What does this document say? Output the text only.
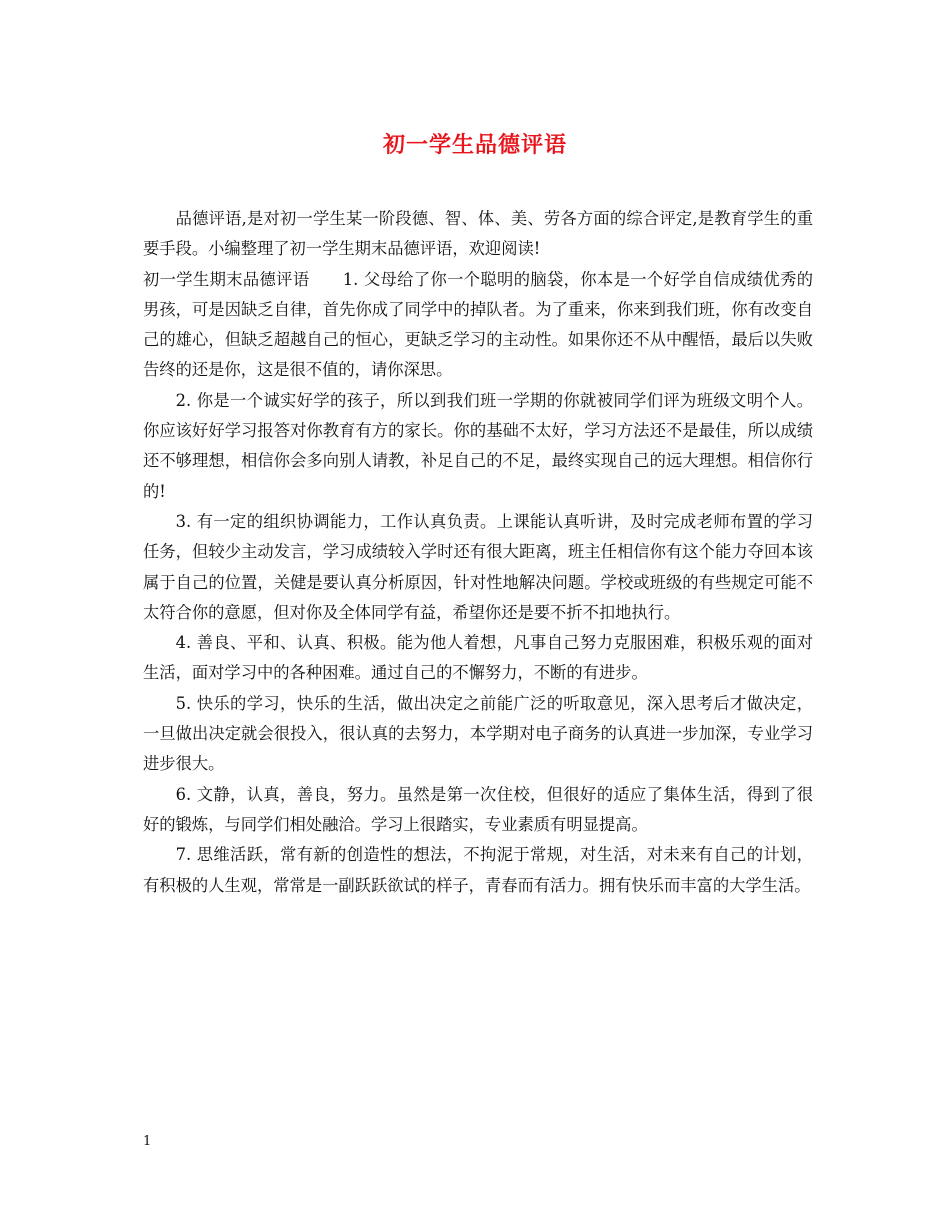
初一学生品德评语

品德评语,是对初一学生某一阶段德、智、体、美、劳各方面的综合评定,是教育学生的重要手段。小编整理了初一学生期末品德评语，欢迎阅读!

初一学生期末品德评语　　1. 父母给了你一个聪明的脑袋，你本是一个好学自信成绩优秀的男孩，可是因缺乏自律，首先你成了同学中的掉队者。为了重来，你来到我们班，你有改变自己的雄心，但缺乏超越自己的恒心，更缺乏学习的主动性。如果你还不从中醒悟，最后以失败告终的还是你，这是很不值的，请你深思。

2. 你是一个诚实好学的孩子，所以到我们班一学期的你就被同学们评为班级文明个人。你应该好好学习报答对你教育有方的家长。你的基础不太好，学习方法还不是最佳，所以成绩还不够理想，相信你会多向别人请教，补足自己的不足，最终实现自己的远大理想。相信你行的!

3. 有一定的组织协调能力，工作认真负责。上课能认真听讲，及时完成老师布置的学习任务，但较少主动发言，学习成绩较入学时还有很大距离，班主任相信你有这个能力夺回本该属于自己的位置，关健是要认真分析原因，针对性地解决问题。学校或班级的有些规定可能不太符合你的意愿，但对你及全体同学有益，希望你还是要不折不扣地执行。

4. 善良、平和、认真、积极。能为他人着想，凡事自己努力克服困难，积极乐观的面对生活，面对学习中的各种困难。通过自己的不懈努力，不断的有进步。

5. 快乐的学习，快乐的生活，做出决定之前能广泛的听取意见，深入思考后才做决定，一旦做出决定就会很投入，很认真的去努力，本学期对电子商务的认真进一步加深，专业学习进步很大。

6. 文静，认真，善良，努力。虽然是第一次住校，但很好的适应了集体生活，得到了很好的锻炼，与同学们相处融洽。学习上很踏实，专业素质有明显提高。

7. 思维活跃，常有新的创造性的想法，不拘泥于常规，对生活，对未来有自己的计划，有积极的人生观，常常是一副跃跃欲试的样子，青春而有活力。拥有快乐而丰富的大学生活。

1
